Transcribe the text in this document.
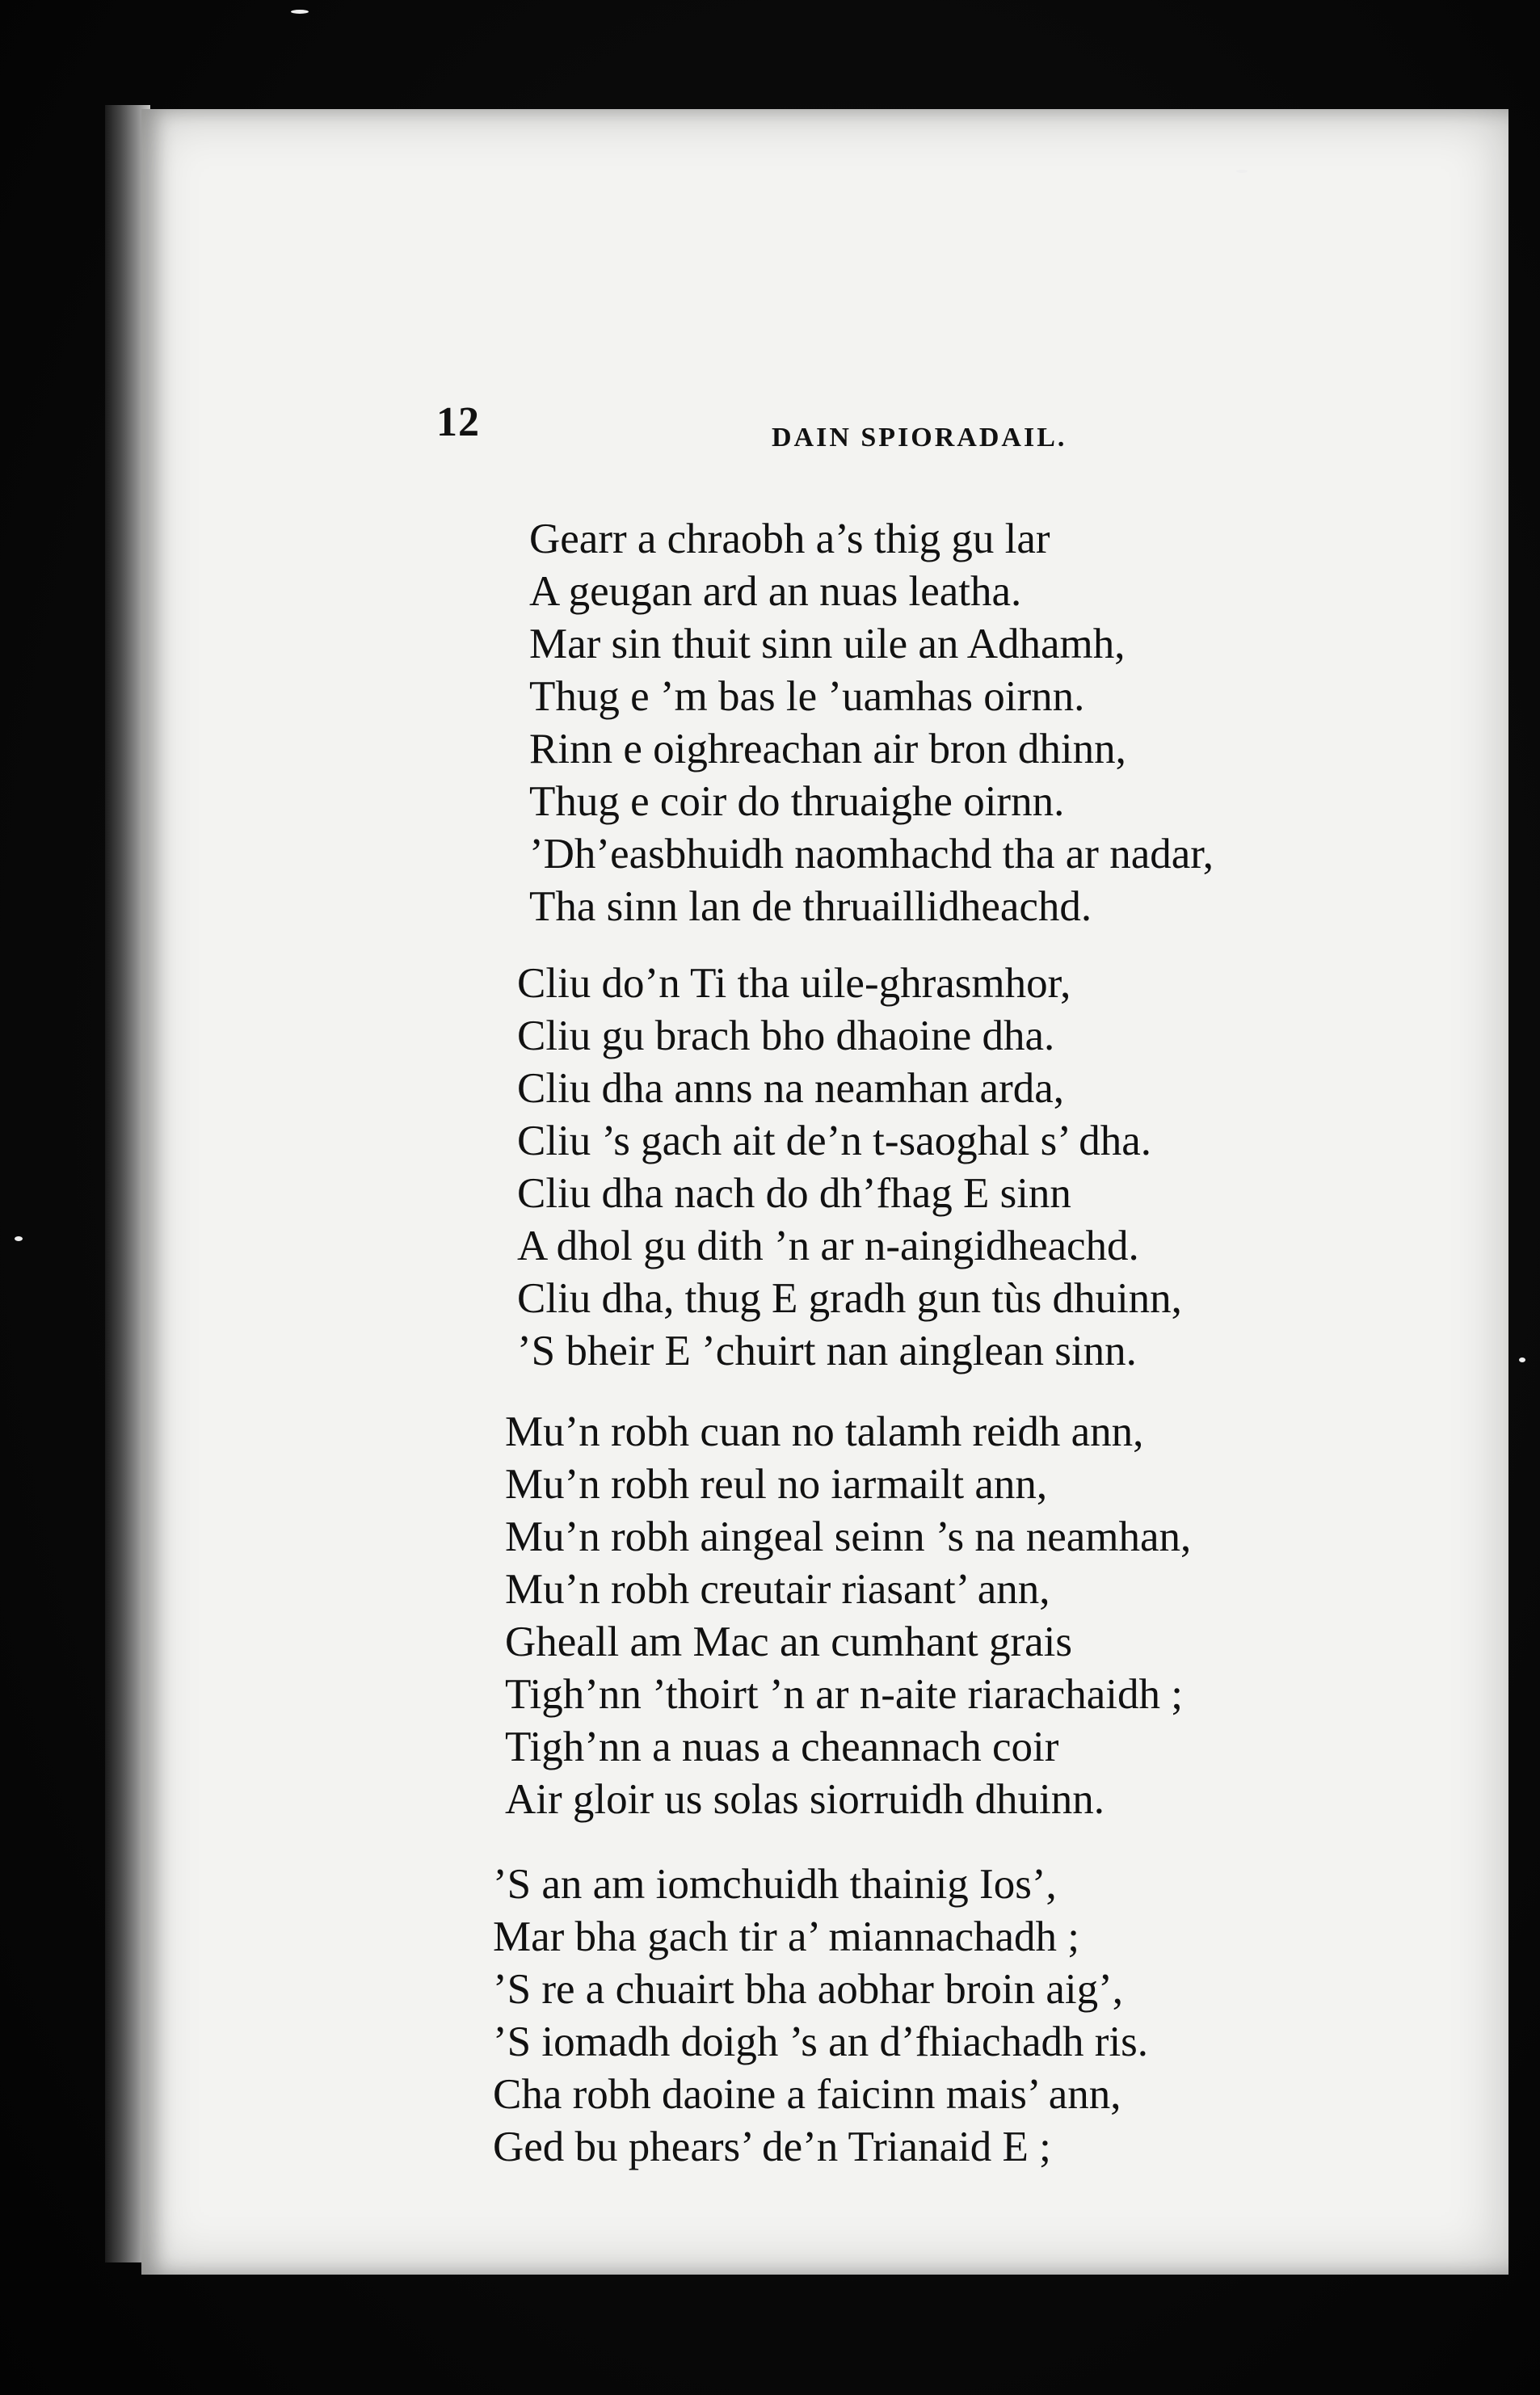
12	DAIN SPIORADAIL.
Gearr a chraobh a’s thig gu lar
A geugan ard an nuas leatha.
Mar sin thuit sinn uile an Adhamh,
Thug e ’m bas le ’uamhas oirnn.
Rinn e oighreachan air bron dhinn,
Thug e coir do thruaighe oirnn.
’Dh’easbhuidh naomhachd tha ar nadar,
Tha sinn lan de thruaillidheachd.
Cliu do’n Ti tha uile-ghrasmhor,
Cliu gu brach bho dhaoine dha.
Cliu dha anns na neamhan arda,
Cliu ’s gach ait de’n t-saoghal s’ dha.
Cliu dha nach do dh’fhag E sinn
A dhol gu dith ’n ar n-aingidheachd.
Cliu dha, thug E gradh gun tùs dhuinn,
’S bheir E ’chuirt nan ainglean sinn.
Mu’n robh cuan no talamh reidh ann,
Mu’n robh reul no iarmailt ann,
Mu’n robh aingeal seinn ’s na neamhan,
Mu’n robh creutair riasant’ ann,
Gheall am Mac an cumhant grais
Tigh’nn ’thoirt ’n ar n-aite riarachaidh ;
Tigh’nn a nuas a cheannach coir
Air gloir us solas siorruidh dhuinn.
’S an am iomchuidh thainig Ios’,
Mar bha gach tir a’ miannachadh ;
’S re a chuairt bha aobhar broin aig’,
’S iomadh doigh ’s an d’fhiachadh ris.
Cha robh daoine a faicinn mais’ ann,
Ged bu phears’ de’n Trianaid E ;
